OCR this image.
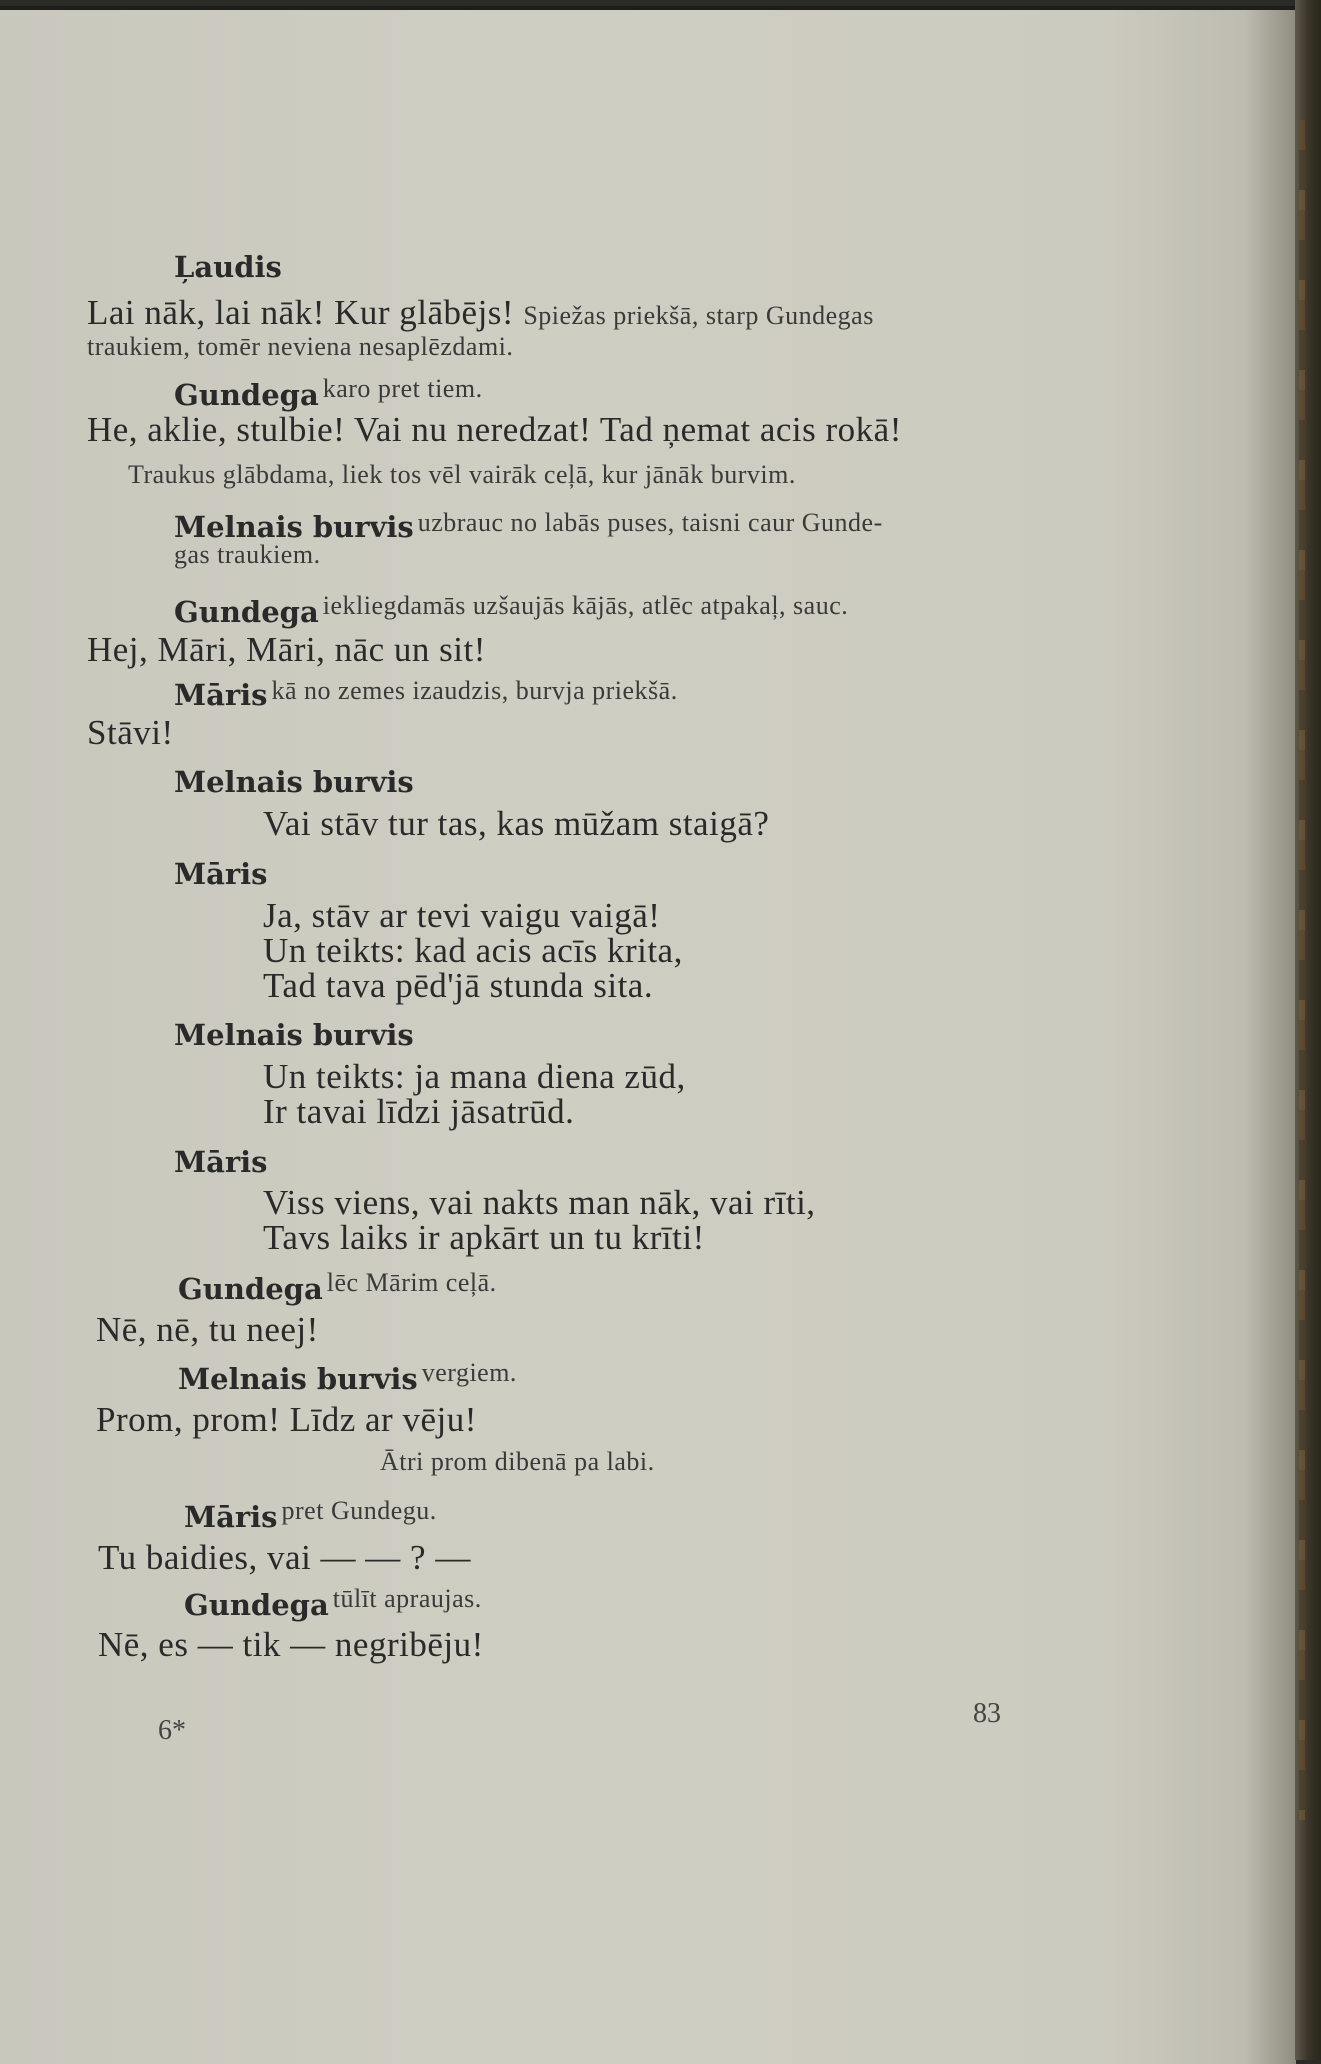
Ļaudis
Lai nāk, lai nāk! Kur glābējs! Spiežas priekšā, starp Gundegas
traukiem, tomēr neviena nesaplēzdami.
Gundega karo pret tiem.
He, aklie, stulbie! Vai nu neredzat! Tad ņemat acis rokā!
Traukus glābdama, liek tos vēl vairāk ceļā, kur jānāk burvim.
Melnais burvis uzbrauc no labās puses, taisni caur Gunde-
gas traukiem.
Gundega iekliegdamās uzšaujās kājās, atlēc atpakaļ, sauc.
Hej, Māri, Māri, nāc un sit!
Māris kā no zemes izaudzis, burvja priekšā.
Stāvi!
Melnais burvis
Vai stāv tur tas, kas mūžam staigā?
Māris
Ja, stāv ar tevi vaigu vaigā!
Un teikts: kad acis acīs krita,
Tad tava pēd'jā stunda sita.
Melnais burvis
Un teikts: ja mana diena zūd,
Ir tavai līdzi jāsatrūd.
Māris
Viss viens, vai nakts man nāk, vai rīti,
Tavs laiks ir apkārt un tu krīti!
Gundega lēc Mārim ceļā.
Nē, nē, tu neej!
Melnais burvis vergiem.
Prom, prom! Līdz ar vēju!
Ātri prom dibenā pa labi.
Māris pret Gundegu.
Tu baidies, vai — — ? —
Gundega tūlīt apraujas.
Nē, es — tik — negribēju!
6*
83
